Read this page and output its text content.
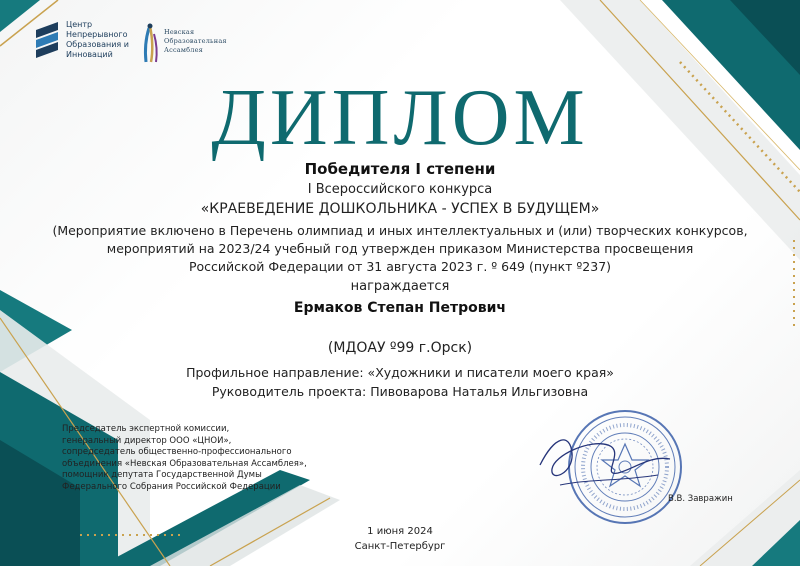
Центр
Непрерывного
Образования и
Инноваций
Невская
Образовательная
Ассамблея
ДИПЛОМ
Победителя I степени
I Всероссийского конкурса
«КРАЕВЕДЕНИЕ ДОШКОЛЬНИКА - УСПЕХ В БУДУЩЕМ»
(Мероприятие включено в Перечень олимпиад и иных интеллектуальных и (или) творческих конкурсов,
мероприятий на 2023/24 учебный год утвержден приказом Министерства просвещения
Российской Федерации от 31 августа 2023 г. º 649 (пункт º237)
награждается
Ермаков Степан Петрович
(МДОАУ º99 г.Орск)
Профильное направление: «Художники и писатели моего края»
Руководитель проекта: Пивоварова Наталья Ильгизовна
Председатель экспертной комиссии,
генеральный директор ООО «ЦНОИ»,
сопредседатель общественно-профессионального
объединения «Невская Образовательная Ассамблея»,
помощник депутата Государственной Думы
Федерального Собрания Российской Федерации
В.В. Завражин
1 июня 2024
Санкт-Петербург
